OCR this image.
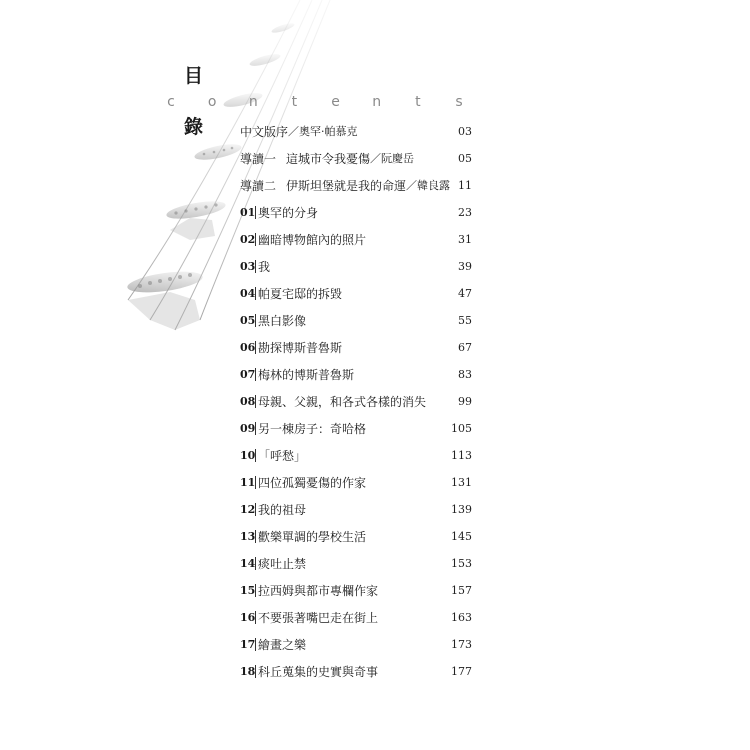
目
c o n t e n t s
錄	中文版序 ／奧罕·帕慕克	03
導讀一 這城市令我憂傷 ／阮慶岳	05
導讀二 伊斯坦堡就是我的命運 ／韓良露 11
01 奧罕的分身	23
02 幽暗博物館內的照片	31
03 我	39
04 帕夏宅邸的拆毀	47
05 黑白影像	55
06 勘探博斯普魯斯	67
07 梅林的博斯普魯斯	83
08 母親、父親，和各式各樣的消失	99
09 另一棟房子：奇哈格	105
10 「呼愁」	113
11 四位孤獨憂傷的作家	131
12 我的祖母	139
13 歡樂單調的學校生活	145
14 痰吐止禁	153
15 拉西姆與都市專欄作家	157
16 不要張著嘴巴走在街上	163
17 繪畫之樂	173
18 科丘蒐集的史實與奇事	177
